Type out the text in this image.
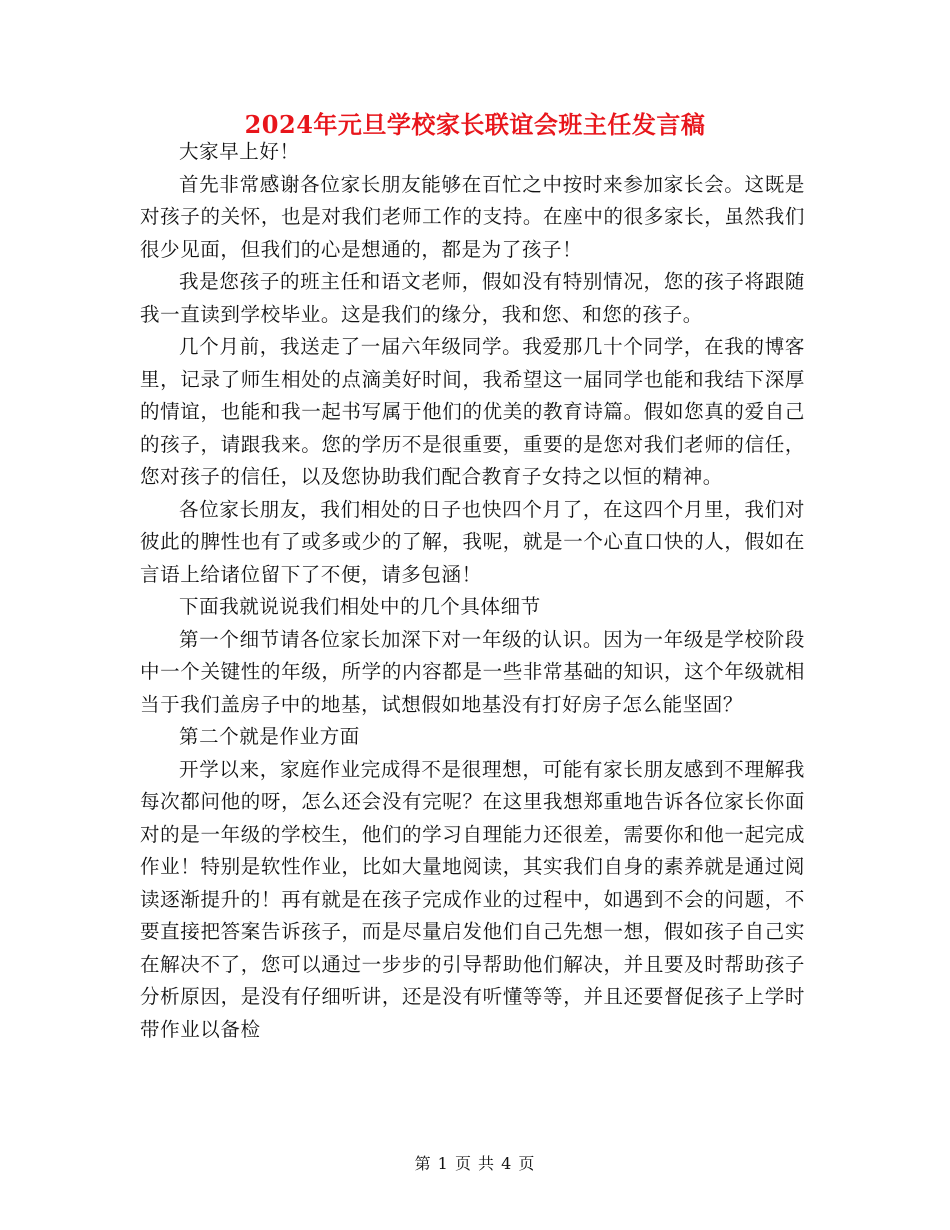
2024年元旦学校家长联谊会班主任发言稿

大家早上好！

首先非常感谢各位家长朋友能够在百忙之中按时来参加家长会。这既是对孩子的关怀，也是对我们老师工作的支持。在座中的很多家长，虽然我们很少见面，但我们的心是想通的，都是为了孩子！

我是您孩子的班主任和语文老师，假如没有特别情况，您的孩子将跟随我一直读到学校毕业。这是我们的缘分，我和您、和您的孩子。

几个月前，我送走了一届六年级同学。我爱那几十个同学，在我的博客里，记录了师生相处的点滴美好时间，我希望这一届同学也能和我结下深厚的情谊，也能和我一起书写属于他们的优美的教育诗篇。假如您真的爱自己的孩子，请跟我来。您的学历不是很重要，重要的是您对我们老师的信任，您对孩子的信任，以及您协助我们配合教育子女持之以恒的精神。

各位家长朋友，我们相处的日子也快四个月了，在这四个月里，我们对彼此的脾性也有了或多或少的了解，我呢，就是一个心直口快的人，假如在言语上给诸位留下了不便，请多包涵！

下面我就说说我们相处中的几个具体细节

第一个细节请各位家长加深下对一年级的认识。因为一年级是学校阶段中一个关键性的年级，所学的内容都是一些非常基础的知识，这个年级就相当于我们盖房子中的地基，试想假如地基没有打好房子怎么能坚固？

第二个就是作业方面

开学以来，家庭作业完成得不是很理想，可能有家长朋友感到不理解我每次都问他的呀，怎么还会没有完呢？在这里我想郑重地告诉各位家长你面对的是一年级的学校生，他们的学习自理能力还很差，需要你和他一起完成作业！特别是软性作业，比如大量地阅读，其实我们自身的素养就是通过阅读逐渐提升的！再有就是在孩子完成作业的过程中，如遇到不会的问题，不要直接把答案告诉孩子，而是尽量启发他们自己先想一想，假如孩子自己实在解决不了，您可以通过一步步的引导帮助他们解决，并且要及时帮助孩子分析原因，是没有仔细听讲，还是没有听懂等等，并且还要督促孩子上学时带作业以备检

第 1 页 共 4 页
